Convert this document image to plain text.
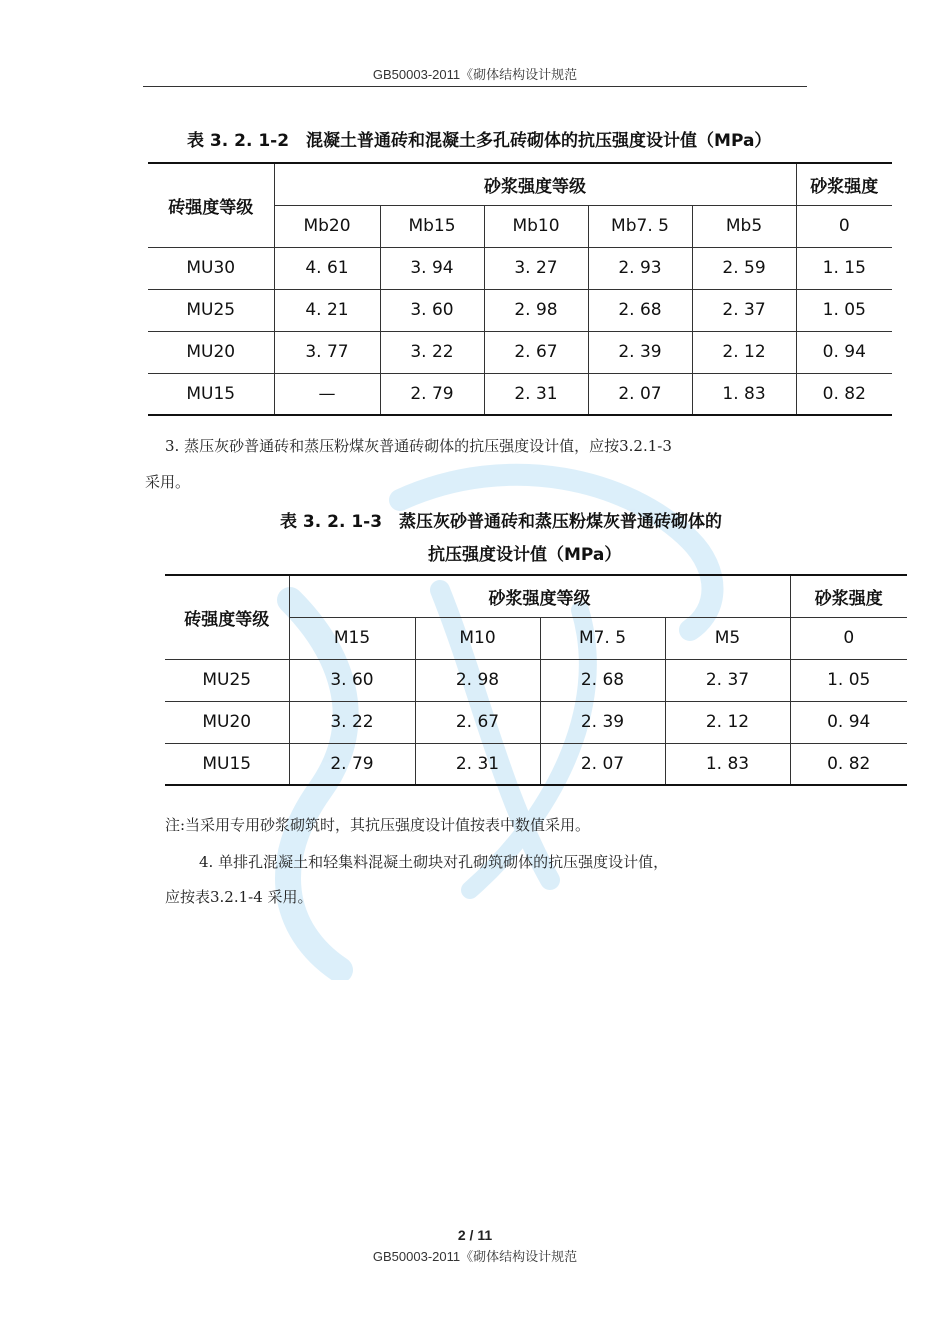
GB50003-2011《砌体结构设计规范
表 3. 2. 1-2　混凝土普通砖和混凝土多孔砖砌体的抗压强度设计值（MPa）
砖强度等级	砂浆强度等级					砂浆强度
	Mb20	Mb15	Mb10	Mb7. 5	Mb5	0
MU30	4. 61	3. 94	3. 27	2. 93	2. 59	1. 15
MU25	4. 21	3. 60	2. 98	2. 68	2. 37	1. 05
MU20	3. 77	3. 22	2. 67	2. 39	2. 12	0. 94
MU15	—	2. 79	2. 31	2. 07	1. 83	0. 82
3. 蒸压灰砂普通砖和蒸压粉煤灰普通砖砌体的抗压强度设计值，应按3.2.1-3
采用。
表 3. 2. 1-3　蒸压灰砂普通砖和蒸压粉煤灰普通砖砌体的
抗压强度设计值（MPa）
砖强度等级	砂浆强度等级				砂浆强度
	M15	M10	M7. 5	M5	0
MU25	3. 60	2. 98	2. 68	2. 37	1. 05
MU20	3. 22	2. 67	2. 39	2. 12	0. 94
MU15	2. 79	2. 31	2. 07	1. 83	0. 82
注:当采用专用砂浆砌筑时，其抗压强度设计值按表中数值采用。
4. 单排孔混凝土和轻集料混凝土砌块对孔砌筑砌体的抗压强度设计值，
应按表3.2.1-4 采用。
2 / 11
GB50003-2011《砌体结构设计规范
